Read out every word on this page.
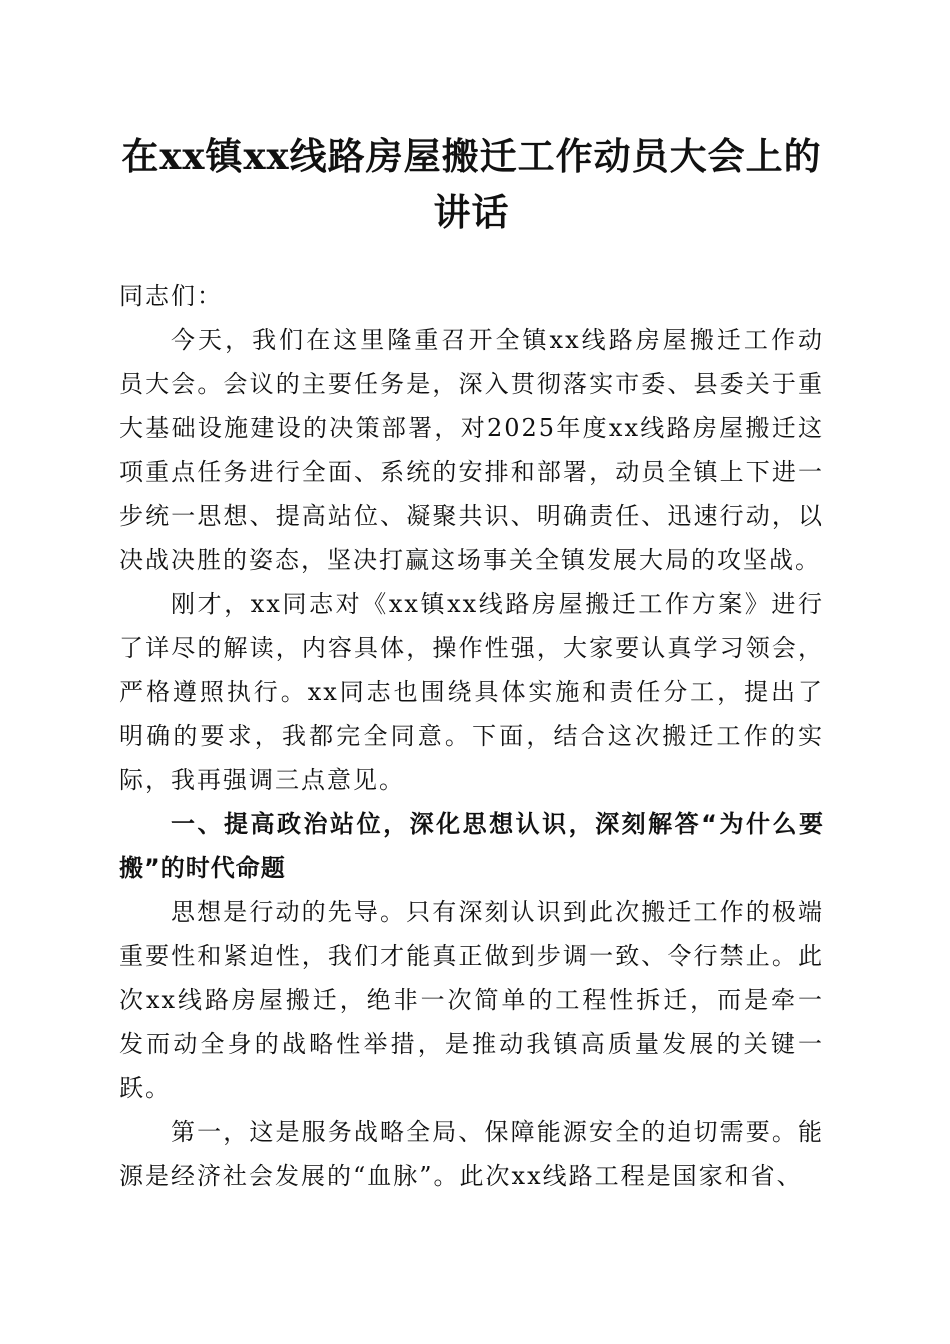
在xx镇xx线路房屋搬迁工作动员大会上的讲话

同志们：

今天，我们在这里隆重召开全镇xx线路房屋搬迁工作动员大会。会议的主要任务是，深入贯彻落实市委、县委关于重大基础设施建设的决策部署，对2025年度xx线路房屋搬迁这项重点任务进行全面、系统的安排和部署，动员全镇上下进一步统一思想、提高站位、凝聚共识、明确责任、迅速行动，以决战决胜的姿态，坚决打赢这场事关全镇发展大局的攻坚战。

刚才，xx同志对《xx镇xx线路房屋搬迁工作方案》进行了详尽的解读，内容具体，操作性强，大家要认真学习领会，严格遵照执行。xx同志也围绕具体实施和责任分工，提出了明确的要求，我都完全同意。下面，结合这次搬迁工作的实际，我再强调三点意见。

一、提高政治站位，深化思想认识，深刻解答“为什么要搬”的时代命题

思想是行动的先导。只有深刻认识到此次搬迁工作的极端重要性和紧迫性，我们才能真正做到步调一致、令行禁止。此次xx线路房屋搬迁，绝非一次简单的工程性拆迁，而是牵一发而动全身的战略性举措，是推动我镇高质量发展的关键一跃。

第一，这是服务战略全局、保障能源安全的迫切需要。能源是经济社会发展的“血脉”。此次xx线路工程是国家和省、
